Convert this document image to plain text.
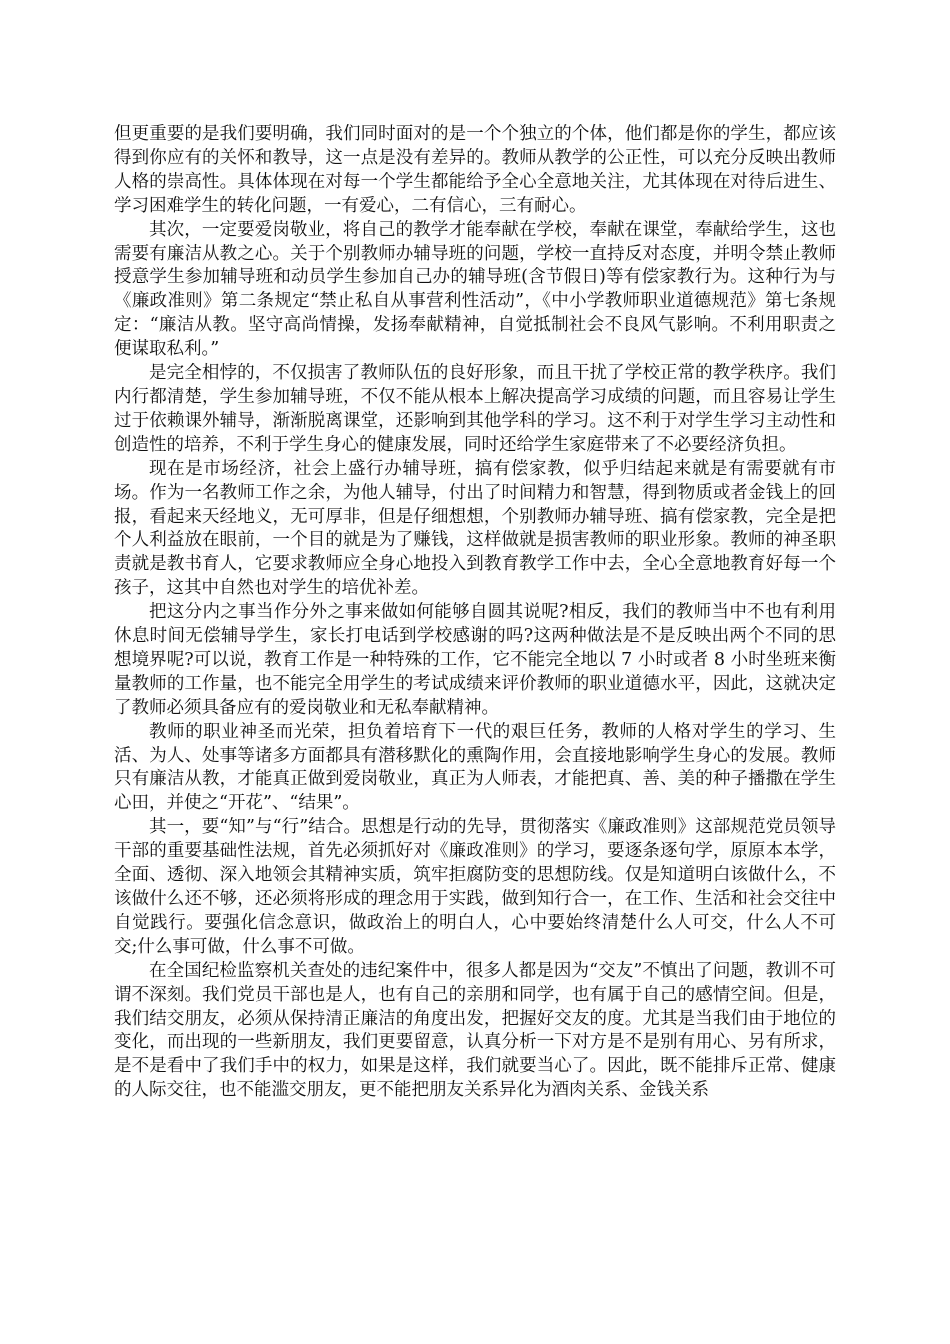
但更重要的是我们要明确，我们同时面对的是一个个独立的个体，他们都是你的学生，都应该得到你应有的关怀和教导，这一点是没有差异的。教师从教学的公正性，可以充分反映出教师人格的崇高性。具体体现在对每一个学生都能给予全心全意地关注，尤其体现在对待后进生、学习困难学生的转化问题，一有爱心，二有信心，三有耐心。

其次，一定要爱岗敬业，将自己的教学才能奉献在学校，奉献在课堂，奉献给学生，这也需要有廉洁从教之心。关于个别教师办辅导班的问题，学校一直持反对态度，并明令禁止教师授意学生参加辅导班和动员学生参加自己办的辅导班(含节假日)等有偿家教行为。这种行为与《廉政准则》第二条规定“禁止私自从事营利性活动”，《中小学教师职业道德规范》第七条规定：“廉洁从教。坚守高尚情操，发扬奉献精神，自觉抵制社会不良风气影响。不利用职责之便谋取私利。”

是完全相悖的，不仅损害了教师队伍的良好形象，而且干扰了学校正常的教学秩序。我们内行都清楚，学生参加辅导班，不仅不能从根本上解决提高学习成绩的问题，而且容易让学生过于依赖课外辅导，渐渐脱离课堂，还影响到其他学科的学习。这不利于对学生学习主动性和创造性的培养，不利于学生身心的健康发展，同时还给学生家庭带来了不必要经济负担。

现在是市场经济，社会上盛行办辅导班，搞有偿家教，似乎归结起来就是有需要就有市场。作为一名教师工作之余，为他人辅导，付出了时间精力和智慧，得到物质或者金钱上的回报，看起来天经地义，无可厚非，但是仔细想想，个别教师办辅导班、搞有偿家教，完全是把个人利益放在眼前，一个目的就是为了赚钱，这样做就是损害教师的职业形象。教师的神圣职责就是教书育人，它要求教师应全身心地投入到教育教学工作中去，全心全意地教育好每一个孩子，这其中自然也对学生的培优补差。

把这分内之事当作分外之事来做如何能够自圆其说呢?相反，我们的教师当中不也有利用休息时间无偿辅导学生，家长打电话到学校感谢的吗?这两种做法是不是反映出两个不同的思想境界呢?可以说，教育工作是一种特殊的工作，它不能完全地以 7 小时或者 8 小时坐班来衡量教师的工作量，也不能完全用学生的考试成绩来评价教师的职业道德水平，因此，这就决定了教师必须具备应有的爱岗敬业和无私奉献精神。

教师的职业神圣而光荣，担负着培育下一代的艰巨任务，教师的人格对学生的学习、生活、为人、处事等诸多方面都具有潜移默化的熏陶作用，会直接地影响学生身心的发展。教师只有廉洁从教，才能真正做到爱岗敬业，真正为人师表，才能把真、善、美的种子播撒在学生心田，并使之“开花”、“结果”。

其一，要“知”与“行”结合。思想是行动的先导，贯彻落实《廉政准则》这部规范党员领导干部的重要基础性法规，首先必须抓好对《廉政准则》的学习，要逐条逐句学，原原本本学，全面、透彻、深入地领会其精神实质，筑牢拒腐防变的思想防线。仅是知道明白该做什么，不该做什么还不够，还必须将形成的理念用于实践，做到知行合一，在工作、生活和社会交往中自觉践行。要强化信念意识，做政治上的明白人，心中要始终清楚什么人可交，什么人不可交;什么事可做，什么事不可做。

在全国纪检监察机关查处的违纪案件中，很多人都是因为“交友”不慎出了问题，教训不可谓不深刻。我们党员干部也是人，也有自己的亲朋和同学，也有属于自己的感情空间。但是，我们结交朋友，必须从保持清正廉洁的角度出发，把握好交友的度。尤其是当我们由于地位的变化，而出现的一些新朋友，我们更要留意，认真分析一下对方是不是别有用心、另有所求，是不是看中了我们手中的权力，如果是这样，我们就要当心了。因此，既不能排斥正常、健康的人际交往，也不能滥交朋友，更不能把朋友关系异化为酒肉关系、金钱关系
